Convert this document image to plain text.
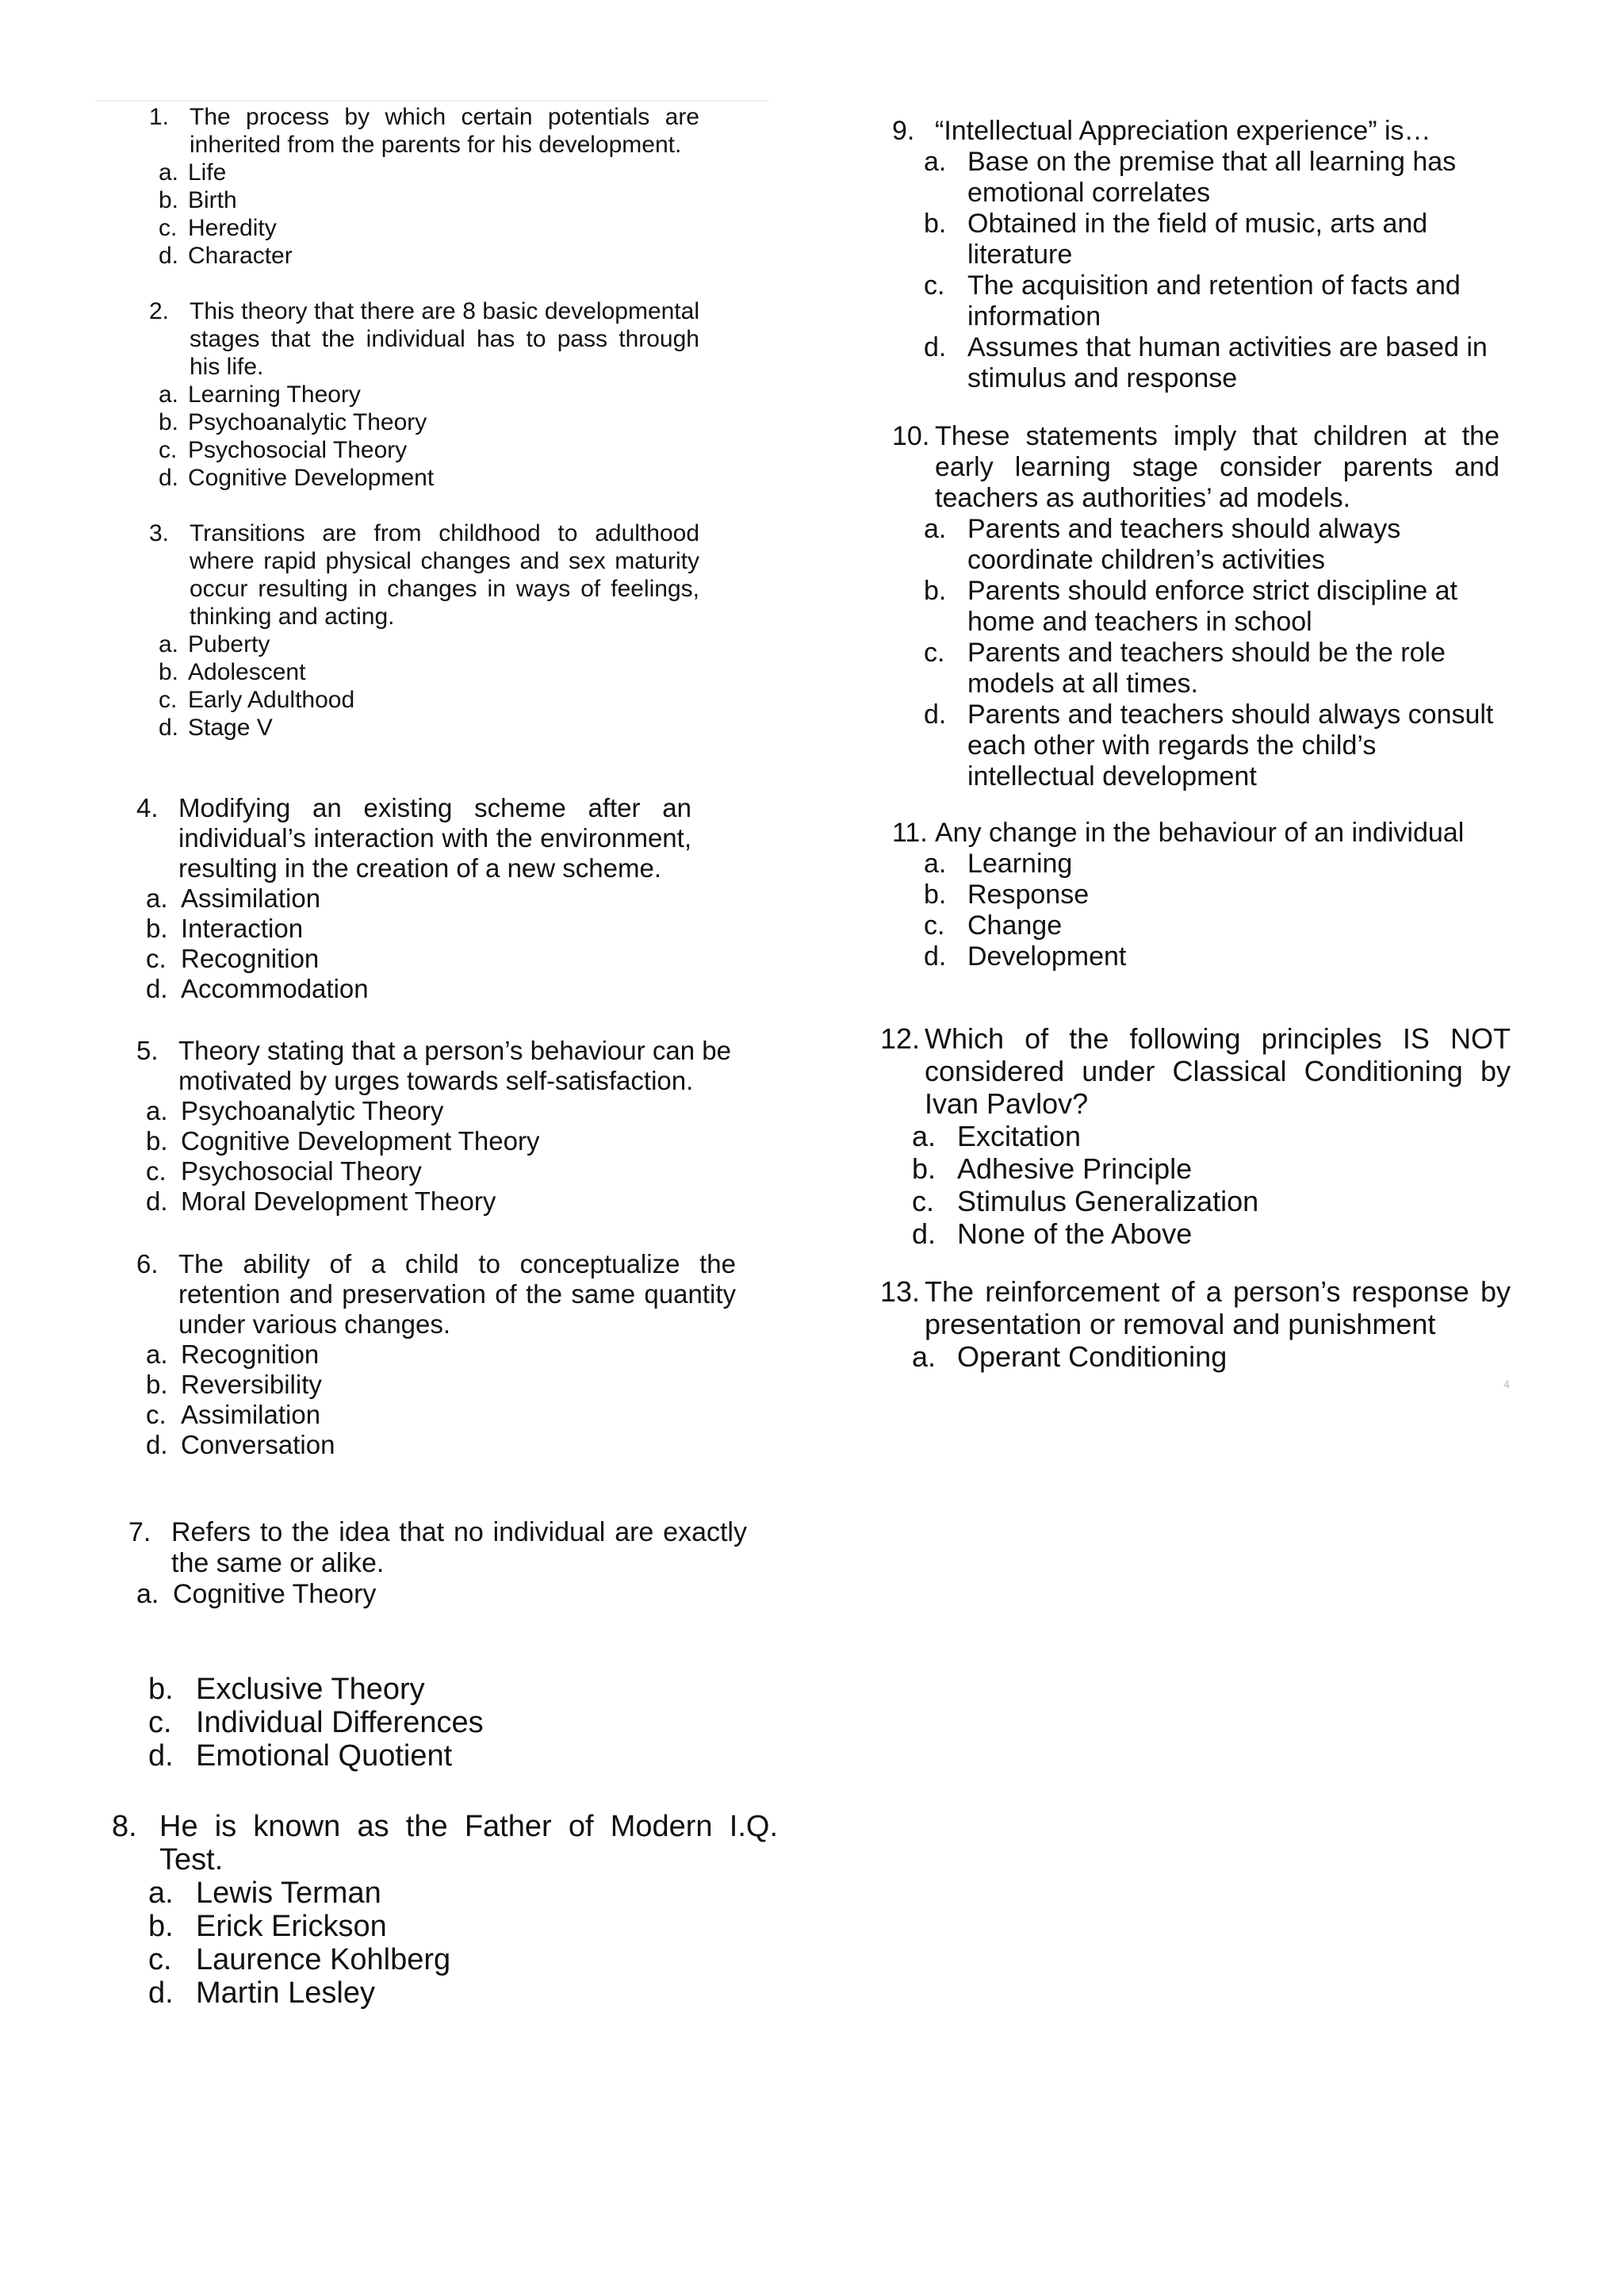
1. The process by which certain potentials are inherited from the parents for his development.
a. Life
b. Birth
c. Heredity
d. Character
2. This theory that there are 8 basic developmental stages that the individual has to pass through his life.
a. Learning Theory
b. Psychoanalytic Theory
c. Psychosocial Theory
d. Cognitive Development
3. Transitions are from childhood to adulthood where rapid physical changes and sex maturity occur resulting in changes in ways of feelings, thinking and acting.
a. Puberty
b. Adolescent
c. Early Adulthood
d. Stage V
4. Modifying an existing scheme after an individual’s interaction with the environment, resulting in the creation of a new scheme.
a. Assimilation
b. Interaction
c. Recognition
d. Accommodation
5. Theory stating that a person’s behaviour can be motivated by urges towards self-satisfaction.
a. Psychoanalytic Theory
b. Cognitive Development Theory
c. Psychosocial Theory
d. Moral Development Theory
6. The ability of a child to conceptualize the retention and preservation of the same quantity under various changes.
a. Recognition
b. Reversibility
c. Assimilation
d. Conversation
7. Refers to the idea that no individual are exactly the same or alike.
a. Cognitive Theory
b. Exclusive Theory
c. Individual Differences
d. Emotional Quotient
8. He is known as the Father of Modern I.Q. Test.
a. Lewis Terman
b. Erick Erickson
c. Laurence Kohlberg
d. Martin Lesley
9. “Intellectual Appreciation experience” is…
a. Base on the premise that all learning has emotional correlates
b. Obtained in the field of music, arts and literature
c. The acquisition and retention of facts and information
d. Assumes that human activities are based in stimulus and response
10. These statements imply that children at the early learning stage consider parents and teachers as authorities’ ad models.
a. Parents and teachers should always coordinate children’s activities
b. Parents should enforce strict discipline at home and teachers in school
c. Parents and teachers should be the role models at all times.
d. Parents and teachers should always consult each other with regards the child’s intellectual development
11. Any change in the behaviour of an individual
a. Learning
b. Response
c. Change
d. Development
12. Which of the following principles IS NOT considered under Classical Conditioning by Ivan Pavlov?
a. Excitation
b. Adhesive Principle
c. Stimulus Generalization
d. None of the Above
13. The reinforcement of a person’s response by presentation or removal and punishment
a. Operant Conditioning
4
